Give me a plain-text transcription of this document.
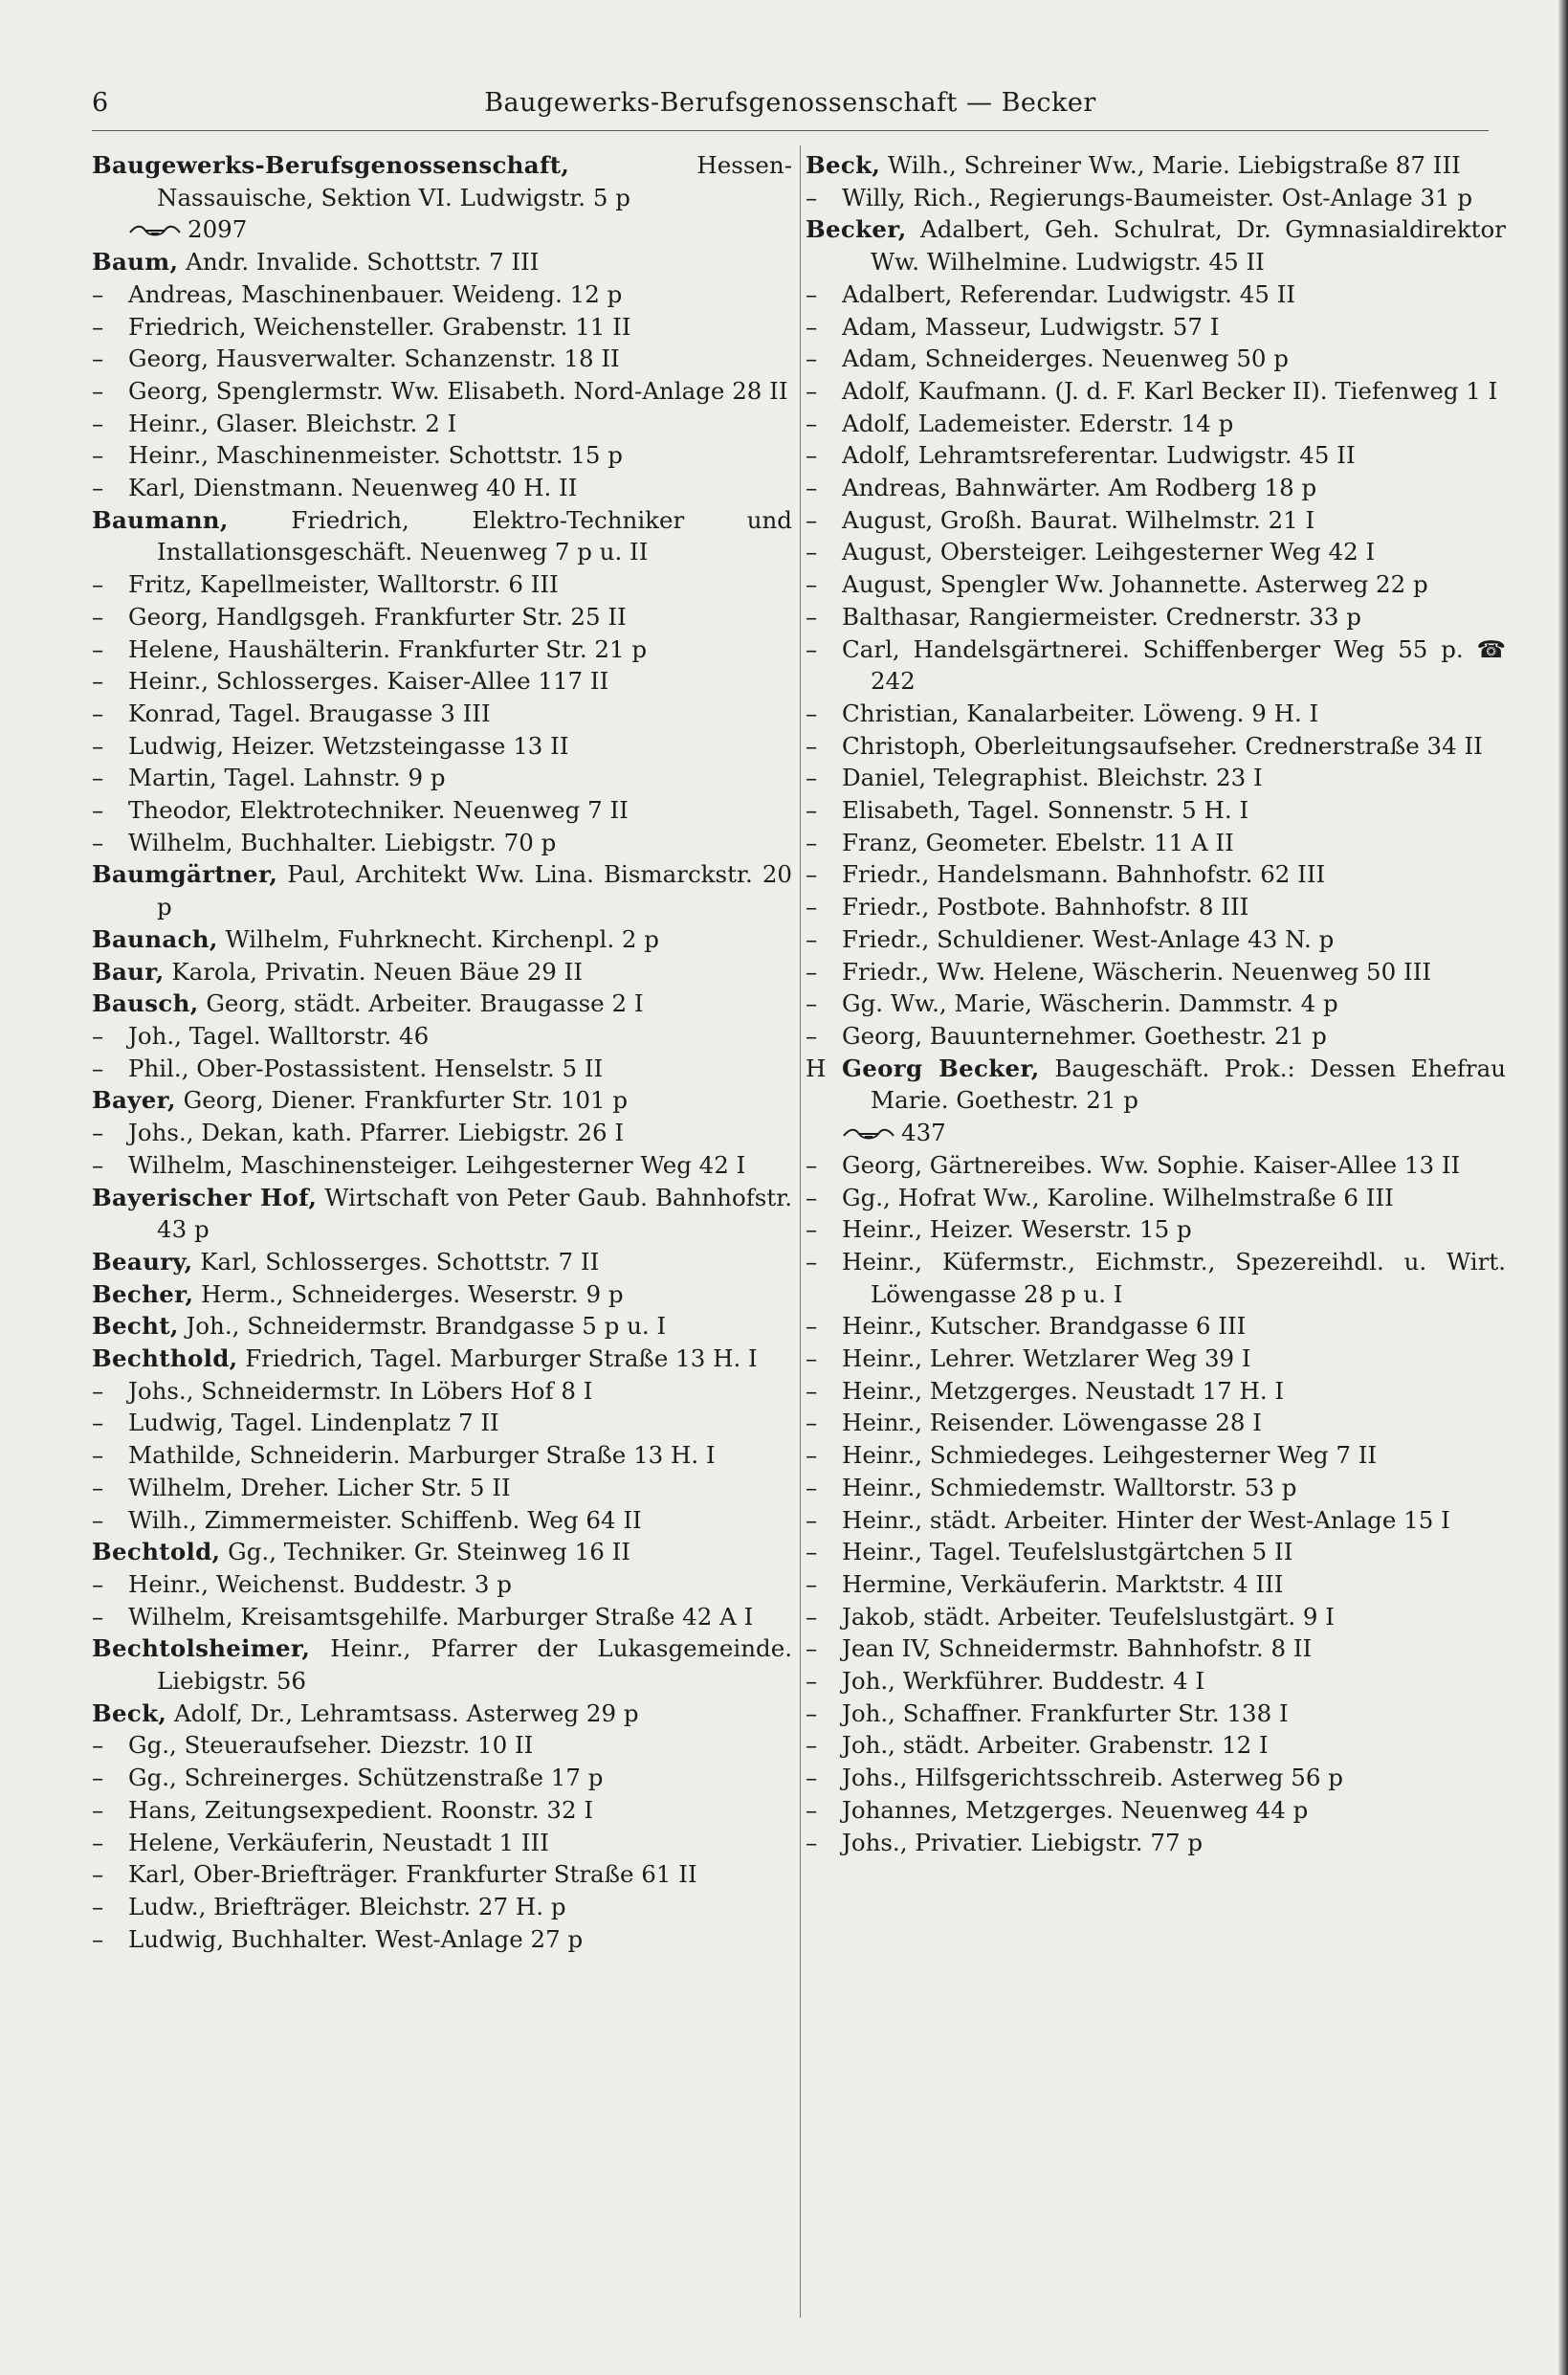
6	Baugewerks-Berufsgenossenschaft — Becker
Baugewerks-Berufsgenossenschaft,	Hessen-Nassauische, Sektion VI. Ludwigstr. 5 p
2097
Baum, Andr. Invalide. Schottstr. 7 III
– Andreas, Maschinenbauer. Weideng. 12 p
– Friedrich, Weichensteller. Grabenstr. 11 II
– Georg, Hausverwalter. Schanzenstr. 18 II
– Georg, Spenglermstr. Ww. Elisabeth. Nord-Anlage 28 II
– Heinr., Glaser. Bleichstr. 2 I
– Heinr., Maschinenmeister. Schottstr. 15 p
– Karl, Dienstmann. Neuenweg 40 H. II
Baumann,	Friedrich, Elektro-Techniker und Installationsgeschäft. Neuenweg 7 p u. II
– Fritz, Kapellmeister, Walltorstr. 6 III
– Georg, Handlgsgeh. Frankfurter Str. 25 II
– Helene, Haushälterin. Frankfurter Str. 21 p
– Heinr., Schlosserges. Kaiser-Allee 117 II
– Konrad, Tagel. Braugasse 3 III
– Ludwig, Heizer. Wetzsteingasse 13 II
– Martin, Tagel. Lahnstr. 9 p
– Theodor, Elektrotechniker. Neuenweg 7 II
– Wilhelm, Buchhalter. Liebigstr. 70 p
Baumgärtner, Paul, Architekt Ww. Lina. Bismarckstr. 20 p
Baunach, Wilhelm, Fuhrknecht. Kirchenpl. 2 p
Baur, Karola, Privatin. Neuen Bäue 29 II
Bausch, Georg, städt. Arbeiter. Braugasse 2 I
– Joh., Tagel. Walltorstr. 46
– Phil., Ober-Postassistent. Henselstr. 5 II
Bayer, Georg, Diener. Frankfurter Str. 101 p
– Johs., Dekan, kath. Pfarrer. Liebigstr. 26 I
– Wilhelm, Maschinensteiger. Leihgesterner Weg 42 I
Bayerischer Hof, Wirtschaft von Peter Gaub. Bahnhofstr. 43 p
Beaury, Karl, Schlosserges. Schottstr. 7 II
Becher, Herm., Schneiderges. Weserstr. 9 p
Becht, Joh., Schneidermstr. Brandgasse 5 p u. I
Bechthold, Friedrich, Tagel. Marburger Straße 13 H. I
– Johs., Schneidermstr. In Löbers Hof 8 I
– Ludwig, Tagel. Lindenplatz 7 II
– Mathilde, Schneiderin. Marburger Straße 13 H. I
– Wilhelm, Dreher. Licher Str. 5 II
– Wilh., Zimmermeister. Schiffenb. Weg 64 II
Bechtold, Gg., Techniker. Gr. Steinweg 16 II
– Heinr., Weichenst. Buddestr. 3 p
– Wilhelm, Kreisamtsgehilfe. Marburger Straße 42 A I
Bechtolsheimer, Heinr., Pfarrer der Lukasgemeinde. Liebigstr. 56
Beck, Adolf, Dr., Lehramtsass. Asterweg 29 p
– Gg., Steueraufseher. Diezstr. 10 II
– Gg., Schreinerges. Schützenstraße 17 p
– Hans, Zeitungsexpedient. Roonstr. 32 I
– Helene, Verkäuferin, Neustadt 1 III
– Karl, Ober-Briefträger. Frankfurter Straße 61 II
– Ludw., Briefträger. Bleichstr. 27 H. p
– Ludwig, Buchhalter. West-Anlage 27 p
Beck, Wilh., Schreiner Ww., Marie. Liebigstraße 87 III
– Willy, Rich., Regierungs-Baumeister. Ost-Anlage 31 p
Becker, Adalbert, Geh. Schulrat, Dr. Gymnasialdirektor Ww. Wilhelmine. Ludwigstr. 45 II
– Adalbert, Referendar. Ludwigstr. 45 II
– Adam, Masseur, Ludwigstr. 57 I
– Adam, Schneiderges. Neuenweg 50 p
– Adolf, Kaufmann. (J. d. F. Karl Becker II). Tiefenweg 1 I
– Adolf, Lademeister. Ederstr. 14 p
– Adolf, Lehramtsreferentar. Ludwigstr. 45 II
– Andreas, Bahnwärter. Am Rodberg 18 p
– August, Großh. Baurat. Wilhelmstr. 21 I
– August, Obersteiger. Leihgesterner Weg 42 I
– August, Spengler Ww. Johannette. Asterweg 22 p
– Balthasar, Rangiermeister. Crednerstr. 33 p
– Carl, Handelsgärtnerei. Schiffenberger Weg 55 p. ☎ 242
– Christian, Kanalarbeiter. Löweng. 9 H. I
– Christoph, Oberleitungsaufseher. Crednerstraße 34 II
– Daniel, Telegraphist. Bleichstr. 23 I
– Elisabeth, Tagel. Sonnenstr. 5 H. I
– Franz, Geometer. Ebelstr. 11 A II
– Friedr., Handelsmann. Bahnhofstr. 62 III
– Friedr., Postbote. Bahnhofstr. 8 III
– Friedr., Schuldiener. West-Anlage 43 N. p
– Friedr., Ww. Helene, Wäscherin. Neuenweg 50 III
– Gg. Ww., Marie, Wäscherin. Dammstr. 4 p
– Georg, Bauunternehmer. Goethestr. 21 p
H Georg Becker, Baugeschäft. Prok.: Dessen Ehefrau Marie. Goethestr. 21 p
437
– Georg, Gärtnereibes. Ww. Sophie. Kaiser-Allee 13 II
– Gg., Hofrat Ww., Karoline. Wilhelmstraße 6 III
– Heinr., Heizer. Weserstr. 15 p
– Heinr., Küfermstr., Eichmstr., Spezereihdl. u. Wirt. Löwengasse 28 p u. I
– Heinr., Kutscher. Brandgasse 6 III
– Heinr., Lehrer. Wetzlarer Weg 39 I
– Heinr., Metzgerges. Neustadt 17 H. I
– Heinr., Reisender. Löwengasse 28 I
– Heinr., Schmiedeges. Leihgesterner Weg 7 II
– Heinr., Schmiedemstr. Walltorstr. 53 p
– Heinr., städt. Arbeiter. Hinter der West-Anlage 15 I
– Heinr., Tagel. Teufelslustgärtchen 5 II
– Hermine, Verkäuferin. Marktstr. 4 III
– Jakob, städt. Arbeiter. Teufelslustgärt. 9 I
– Jean IV, Schneidermstr. Bahnhofstr. 8 II
– Joh., Werkführer. Buddestr. 4 I
– Joh., Schaffner. Frankfurter Str. 138 I
– Joh., städt. Arbeiter. Grabenstr. 12 I
– Johs., Hilfsgerichtsschreib. Asterweg 56 p
– Johannes, Metzgerges. Neuenweg 44 p
– Johs., Privatier. Liebigstr. 77 p
